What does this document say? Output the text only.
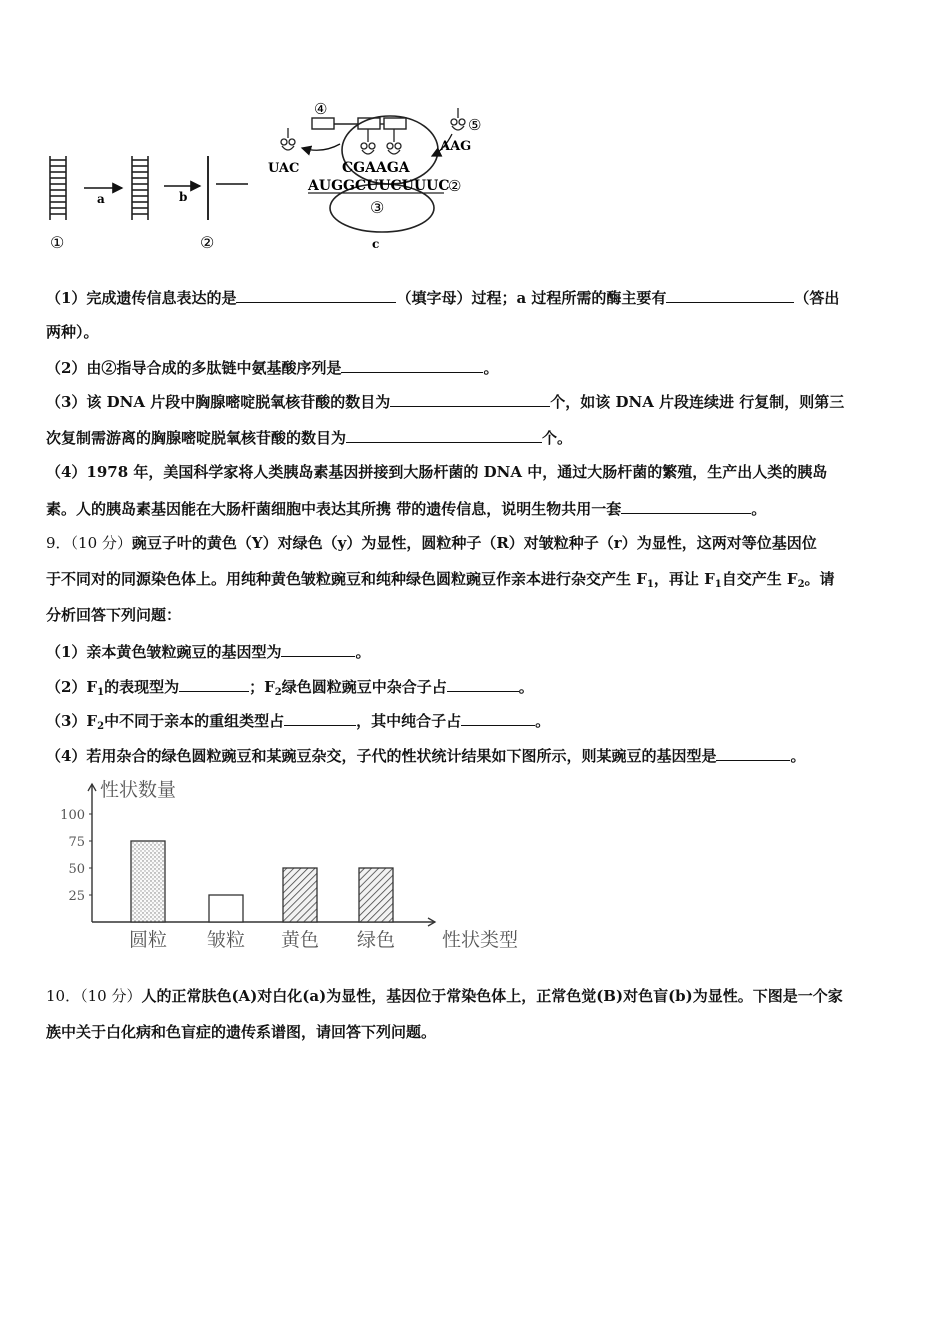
a	b
①	②
③
④
⑤
UAC
AAG
CGAAGA
AUGGCUUCUUUC
②
c
（1）完成遗传信息表达的是	（填字母）过程；a 过程所需的酶主要有	（答出
两种）。
（2）由②指导合成的多肽链中氨基酸序列是	。
（3）该 DNA 片段中胸腺嘧啶脱氧核苷酸的数目为	个，如该 DNA 片段连续进 行复制，则第三
次复制需游离的胸腺嘧啶脱氧核苷酸的数目为	个。
（4）1978 年，美国科学家将人类胰岛素基因拼接到大肠杆菌的 DNA 中，通过大肠杆菌的繁殖，生产出人类的胰岛
素。人的胰岛素基因能在大肠杆菌细胞中表达其所携 带的遗传信息，说明生物共用一套	。
9．（10 分）豌豆子叶的黄色（Y）对绿色（y）为显性，圆粒种子（R）对皱粒种子（r）为显性，这两对等位基因位
于不同对的同源染色体上。用纯种黄色皱粒豌豆和纯种绿色圆粒豌豆作亲本进行杂交产生 $F_1$，再让 $F_1$自交产生 $F_2$。请
分析回答下列问题：
（1）亲本黄色皱粒豌豆的基因型为	。
$(2)F_1$的表现型为	；$F_2$绿色圆粒豌豆中杂合子占	。
$(3)F_2$中不同于亲本的重组类型占	，其中纯合子占	。
（4）若用杂合的绿色圆粒豌豆和某豌豆杂交，子代的性状统计结果如下图所示，则某豌豆的基因型是	。
性状数量
性状类型
100
75
50
25
圆粒 皱粒 黄色 绿色
10．（10 分）人的正常肤色(A)对白化(a)为显性，基因位于常染色体上，正常色觉(B)对色盲(b)为显性。下图是一个家
族中关于白化病和色盲症的遗传系谱图，请回答下列问题。
